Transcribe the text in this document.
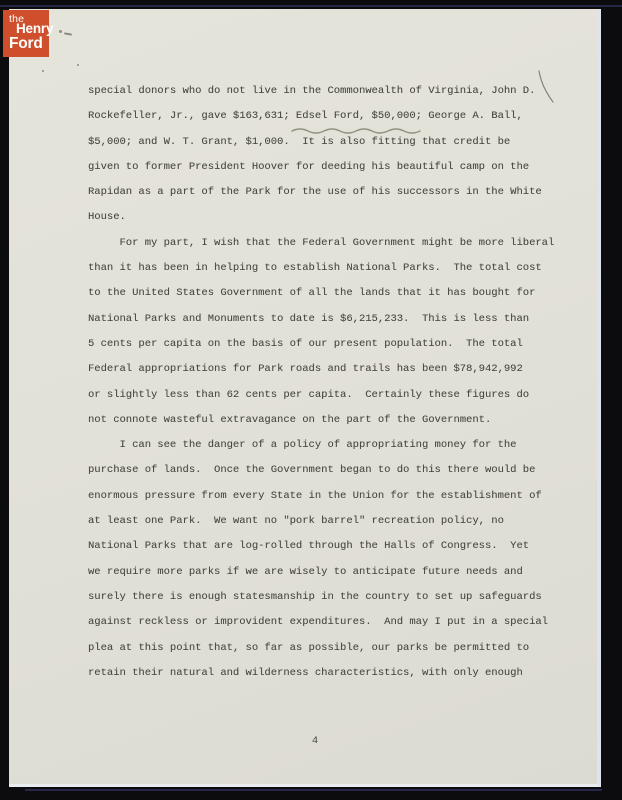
special donors who do not live in the Commonwealth of Virginia, John D.
Rockefeller, Jr., gave $163,631; Edsel Ford, $50,000; George A. Ball,
$5,000; and W. T. Grant, $1,000.  It is also fitting that credit be
given to former President Hoover for deeding his beautiful camp on the
Rapidan as a part of the Park for the use of his successors in the White
House.
For my part, I wish that the Federal Government might be more liberal
than it has been in helping to establish National Parks.  The total cost
to the United States Government of all the lands that it has bought for
National Parks and Monuments to date is $6,215,233.  This is less than
5 cents per capita on the basis of our present population.  The total
Federal appropriations for Park roads and trails has been $78,942,992
or slightly less than 62 cents per capita.  Certainly these figures do
not connote wasteful extravagance on the part of the Government.
I can see the danger of a policy of appropriating money for the
purchase of lands.  Once the Government began to do this there would be
enormous pressure from every State in the Union for the establishment of
at least one Park.  We want no "pork barrel" recreation policy, no
National Parks that are log-rolled through the Halls of Congress.  Yet
we require more parks if we are wisely to anticipate future needs and
surely there is enough statesmanship in the country to set up safeguards
against reckless or improvident expenditures.  And may I put in a special
plea at this point that, so far as possible, our parks be permitted to
retain their natural and wilderness characteristics, with only enough
4
the
Henry
Ford
